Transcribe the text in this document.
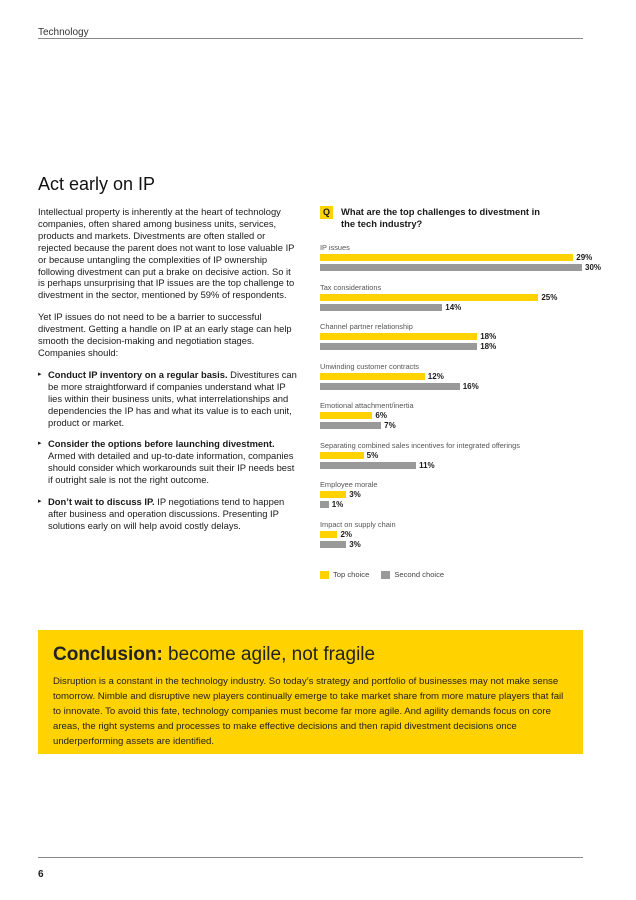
Technology
Act early on IP

Intellectual property is inherently at the heart of technology companies, often shared among business units, services, products and markets. Divestments are often stalled or rejected because the parent does not want to lose valuable IP or because untangling the complexities of IP ownership following divestment can put a brake on decisive action. So it is perhaps unsurprising that IP issues are the top challenge to divestment in the sector, mentioned by 59% of respondents.

Yet IP issues do not need to be a barrier to successful divestment. Getting a handle on IP at an early stage can help smooth the decision-making and negotiation stages. Companies should:

▸ Conduct IP inventory on a regular basis. Divestitures can be more straightforward if companies understand what IP lies within their business units, what interrelationships and dependencies the IP has and what its value is to each unit, product or market.
▸ Consider the options before launching divestment. Armed with detailed and up-to-date information, companies should consider which workarounds suit their IP needs best if outright sale is not the right outcome.
▸ Don’t wait to discuss IP. IP negotiations tend to happen after business and operation discussions. Presenting IP solutions early on will help avoid costly delays.
Q	What are the top challenges to divestment in the tech industry?
IP issues
29%
30%
Tax considerations
25%
14%
Channel partner relationship
18%
18%
Unwinding customer contracts
12%
16%
Emotional attachment/inertia
6%
7%
Separating combined sales incentives for integrated offerings
5%
11%
Employee morale
3%
1%
Impact on supply chain
2%
3%
Top choice	Second choice
Conclusion: become agile, not fragile

Disruption is a constant in the technology industry. So today’s strategy and portfolio of businesses may not make sense tomorrow. Nimble and disruptive new players continually emerge to take market share from more mature players that fail to innovate. To avoid this fate, technology companies must become far more agile. And agility demands focus on core areas, the right systems and processes to make effective decisions and then rapid divestment decisions once underperforming assets are identified.

6
